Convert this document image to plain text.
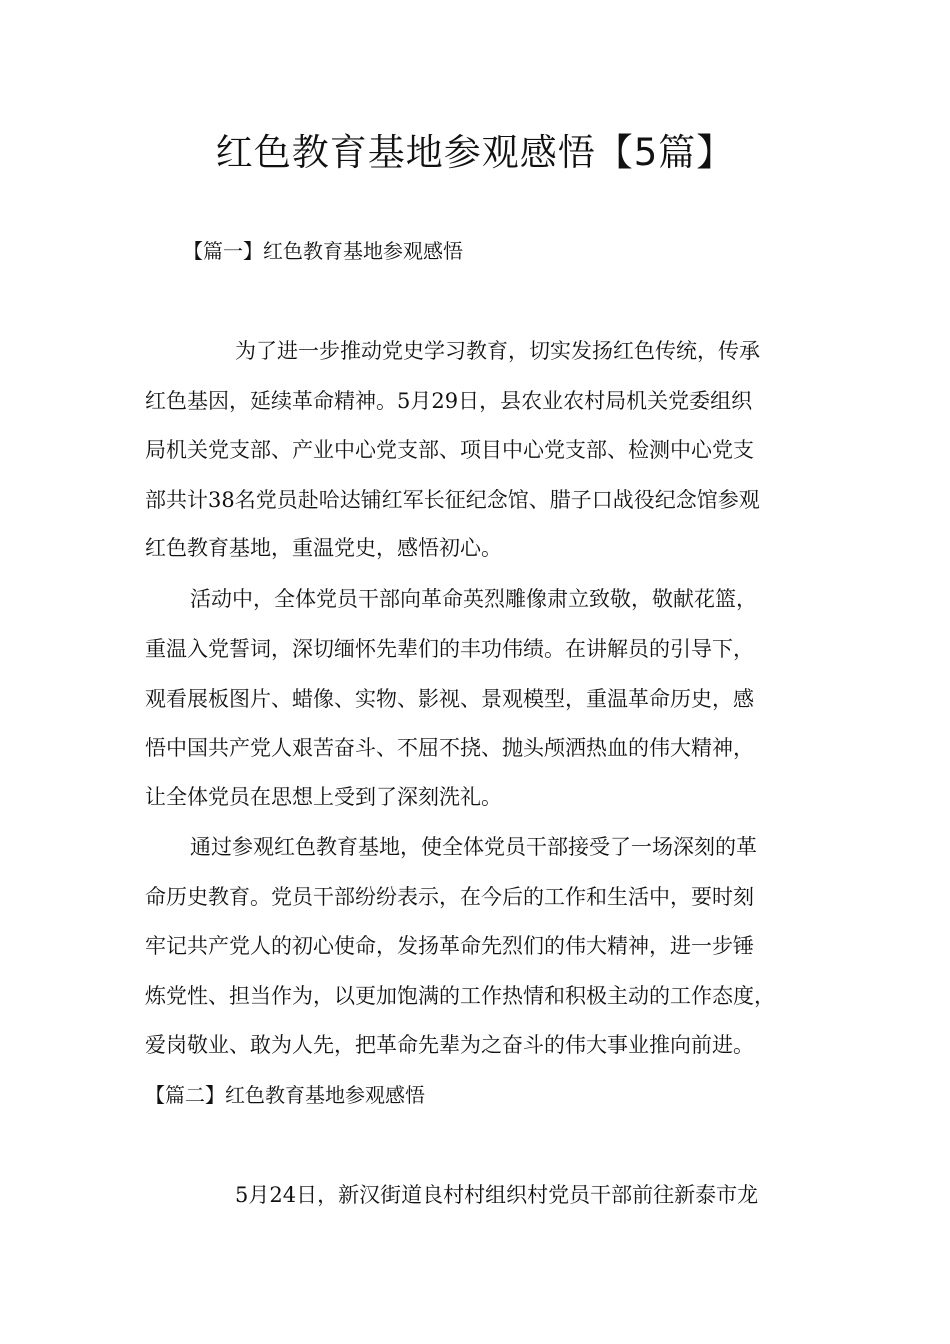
红色教育基地参观感悟【5篇】
【篇一】红色教育基地参观感悟
为了进一步推动党史学习教育，切实发扬红色传统，传承
红色基因，延续革命精神。5月29日，县农业农村局机关党委组织
局机关党支部、产业中心党支部、项目中心党支部、检测中心党支
部共计38名党员赴哈达铺红军长征纪念馆、腊子口战役纪念馆参观
红色教育基地，重温党史，感悟初心。
活动中，全体党员干部向革命英烈雕像肃立致敬，敬献花篮，
重温入党誓词，深切缅怀先辈们的丰功伟绩。在讲解员的引导下，
观看展板图片、蜡像、实物、影视、景观模型，重温革命历史，感
悟中国共产党人艰苦奋斗、不屈不挠、抛头颅洒热血的伟大精神，
让全体党员在思想上受到了深刻洗礼。
通过参观红色教育基地，使全体党员干部接受了一场深刻的革
命历史教育。党员干部纷纷表示，在今后的工作和生活中，要时刻
牢记共产党人的初心使命，发扬革命先烈们的伟大精神，进一步锤
炼党性、担当作为，以更加饱满的工作热情和积极主动的工作态度，
爱岗敬业、敢为人先，把革命先辈为之奋斗的伟大事业推向前进。
【篇二】红色教育基地参观感悟
5月24日，新汉街道良村村组织村党员干部前往新泰市龙
